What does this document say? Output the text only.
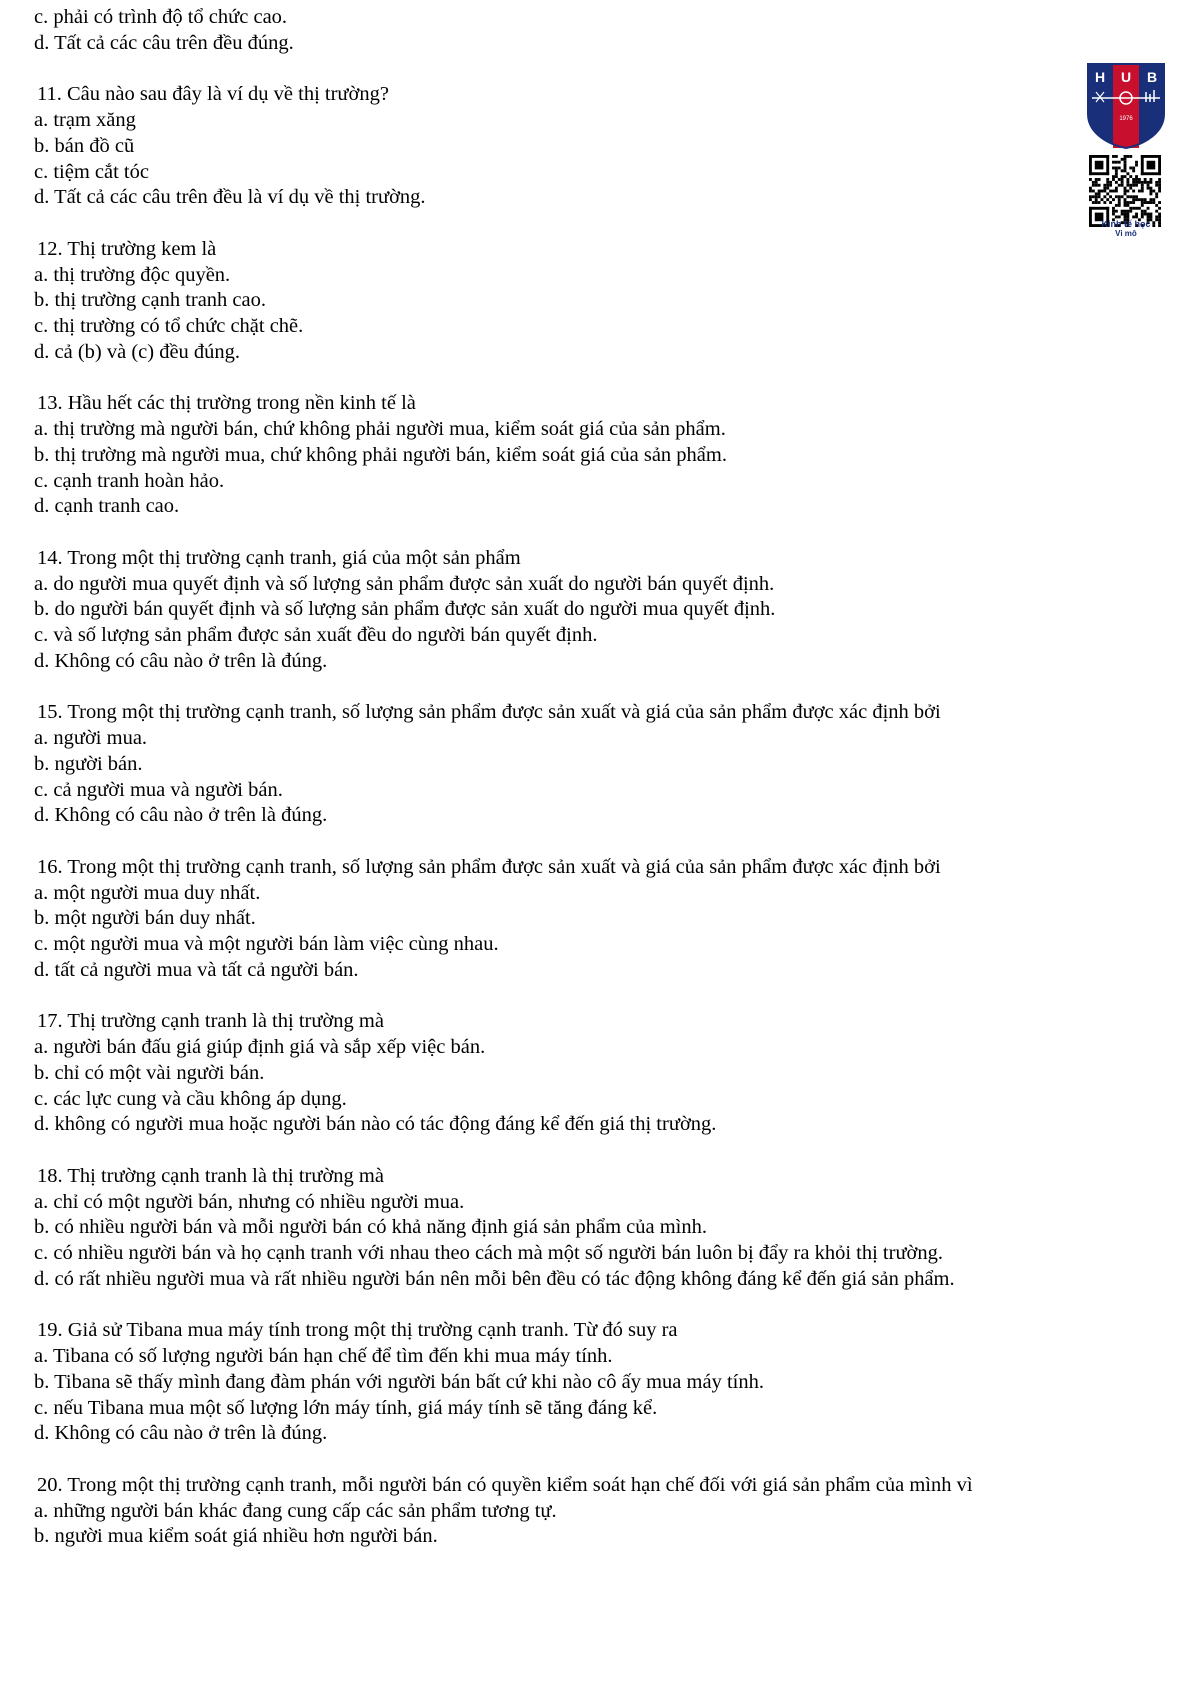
c. phải có trình độ tổ chức cao.
d. Tất cả các câu trên đều đúng.
11. Câu nào sau đây là ví dụ về thị trường?
a. trạm xăng
b. bán đồ cũ
c. tiệm cắt tóc
d. Tất cả các câu trên đều là ví dụ về thị trường.
12. Thị trường kem là
a. thị trường độc quyền.
b. thị trường cạnh tranh cao.
c. thị trường có tổ chức chặt chẽ.
d. cả (b) và (c) đều đúng.
13. Hầu hết các thị trường trong nền kinh tế là
a. thị trường mà người bán, chứ không phải người mua, kiểm soát giá của sản phẩm.
b. thị trường mà người mua, chứ không phải người bán, kiểm soát giá của sản phẩm.
c. cạnh tranh hoàn hảo.
d. cạnh tranh cao.
14. Trong một thị trường cạnh tranh, giá của một sản phẩm
a. do người mua quyết định và số lượng sản phẩm được sản xuất do người bán quyết định.
b. do người bán quyết định và số lượng sản phẩm được sản xuất do người mua quyết định.
c. và số lượng sản phẩm được sản xuất đều do người bán quyết định.
d. Không có câu nào ở trên là đúng.
15. Trong một thị trường cạnh tranh, số lượng sản phẩm được sản xuất và giá của sản phẩm được xác định bởi
a. người mua.
b. người bán.
c. cả người mua và người bán.
d. Không có câu nào ở trên là đúng.
16. Trong một thị trường cạnh tranh, số lượng sản phẩm được sản xuất và giá của sản phẩm được xác định bởi
a. một người mua duy nhất.
b. một người bán duy nhất.
c. một người mua và một người bán làm việc cùng nhau.
d. tất cả người mua và tất cả người bán.
17. Thị trường cạnh tranh là thị trường mà
a. người bán đấu giá giúp định giá và sắp xếp việc bán.
b. chỉ có một vài người bán.
c. các lực cung và cầu không áp dụng.
d. không có người mua hoặc người bán nào có tác động đáng kể đến giá thị trường.
18. Thị trường cạnh tranh là thị trường mà
a. chỉ có một người bán, nhưng có nhiều người mua.
b. có nhiều người bán và mỗi người bán có khả năng định giá sản phẩm của mình.
c. có nhiều người bán và họ cạnh tranh với nhau theo cách mà một số người bán luôn bị đẩy ra khỏi thị trường.
d. có rất nhiều người mua và rất nhiều người bán nên mỗi bên đều có tác động không đáng kể đến giá sản phẩm.
19. Giả sử Tibana mua máy tính trong một thị trường cạnh tranh. Từ đó suy ra
a. Tibana có số lượng người bán hạn chế để tìm đến khi mua máy tính.
b. Tibana sẽ thấy mình đang đàm phán với người bán bất cứ khi nào cô ấy mua máy tính.
c. nếu Tibana mua một số lượng lớn máy tính, giá máy tính sẽ tăng đáng kể.
d. Không có câu nào ở trên là đúng.
20. Trong một thị trường cạnh tranh, mỗi người bán có quyền kiểm soát hạn chế đối với giá sản phẩm của mình vì
a. những người bán khác đang cung cấp các sản phẩm tương tự.
b. người mua kiểm soát giá nhiều hơn người bán.
H U B
1976
Kinh tế học
Vi mô
